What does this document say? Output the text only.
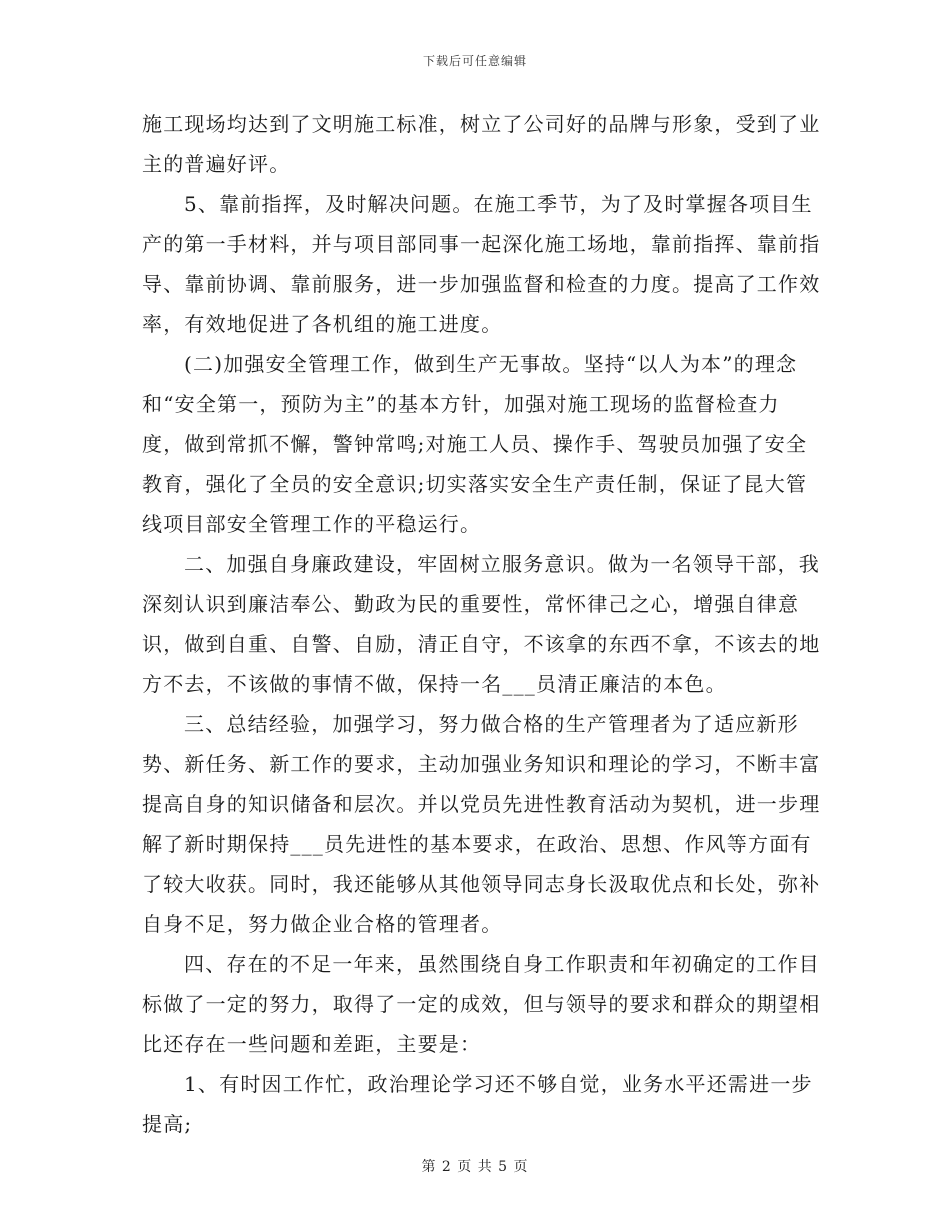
下载后可任意编辑

施工现场均达到了文明施工标准，树立了公司好的品牌与形象，受到了业主的普遍好评。

5、靠前指挥，及时解决问题。在施工季节，为了及时掌握各项目生产的第一手材料，并与项目部同事一起深化施工场地，靠前指挥、靠前指导、靠前协调、靠前服务，进一步加强监督和检查的力度。提高了工作效率，有效地促进了各机组的施工进度。

(二)加强安全管理工作，做到生产无事故。坚持“以人为本”的理念和“安全第一，预防为主”的基本方针，加强对施工现场的监督检查力度，做到常抓不懈，警钟常鸣;对施工人员、操作手、驾驶员加强了安全教育，强化了全员的安全意识;切实落实安全生产责任制，保证了昆大管线项目部安全管理工作的平稳运行。

二、加强自身廉政建设，牢固树立服务意识。做为一名领导干部，我深刻认识到廉洁奉公、勤政为民的重要性，常怀律己之心，增强自律意识，做到自重、自警、自励，清正自守，不该拿的东西不拿，不该去的地方不去，不该做的事情不做，保持一名___员清正廉洁的本色。

三、总结经验，加强学习，努力做合格的生产管理者为了适应新形势、新任务、新工作的要求，主动加强业务知识和理论的学习，不断丰富提高自身的知识储备和层次。并以党员先进性教育活动为契机，进一步理解了新时期保持___员先进性的基本要求，在政治、思想、作风等方面有了较大收获。同时，我还能够从其他领导同志身长汲取优点和长处，弥补自身不足，努力做企业合格的管理者。

四、存在的不足一年来，虽然围绕自身工作职责和年初确定的工作目标做了一定的努力，取得了一定的成效，但与领导的要求和群众的期望相比还存在一些问题和差距，主要是：

1、有时因工作忙，政治理论学习还不够自觉，业务水平还需进一步提高;

第 2 页 共 5 页
